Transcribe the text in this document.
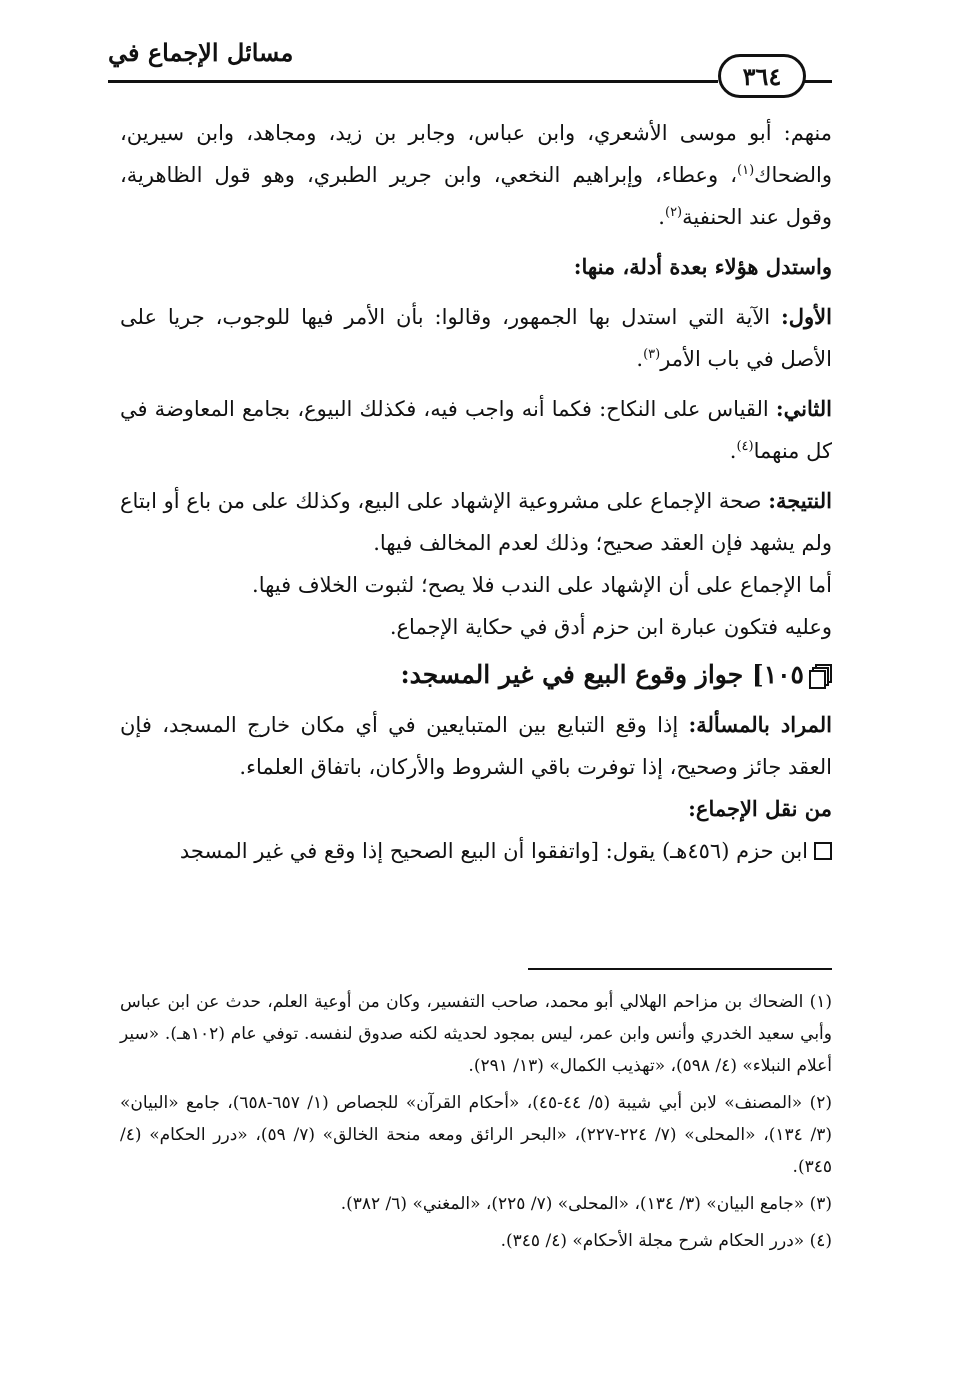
مسائل الإجماع في
٣٦٤

منهم: أبو موسى الأشعري، وابن عباس، وجابر بن زيد، ومجاهد، وابن سيرين، والضحاك$^{(١)}$، وعطاء، وإبراهيم النخعي، وابن جرير الطبري، وهو قول الظاهرية، وقول عند الحنفية$^{(٢)}$.

واستدل هؤلاء بعدة أدلة، منها:

الأول: الآية التي استدل بها الجمهور، وقالوا: بأن الأمر فيها للوجوب، جريا على الأصل في باب الأمر$^{(٣)}$.

الثاني: القياس على النكاح: فكما أنه واجب فيه، فكذلك البيوع، بجامع المعاوضة في كل منهما$^{(٤)}$.

النتيجة: صحة الإجماع على مشروعية الإشهاد على البيع، وكذلك على من باع أو ابتاع ولم يشهد فإن العقد صحيح؛ وذلك لعدم المخالف فيها.

أما الإجماع على أن الإشهاد على الندب فلا يصح؛ لثبوت الخلاف فيها.

وعليه فتكون عبارة ابن حزم أدق في حكاية الإجماع.

١٠٥] جواز وقوع البيع في غير المسجد:

المراد بالمسألة: إذا وقع التبايع بين المتبايعين في أي مكان خارج المسجد، فإن العقد جائز وصحيح، إذا توفرت باقي الشروط والأركان، باتفاق العلماء.

من نقل الإجماع:

ابن حزم (٤٥٦هـ) يقول: [واتفقوا أن البيع الصحيح إذا وقع في غير المسجد

(١) الضحاك بن مزاحم الهلالي أبو محمد، صاحب التفسير، وكان من أوعية العلم، حدث عن ابن عباس وأبي سعيد الخدري وأنس وابن عمر، ليس بمجود لحديثه لكنه صدوق لنفسه. توفي عام (١٠٢هـ). «سير أعلام النبلاء» (٤/ ٥٩٨)، «تهذيب الكمال» (١٣/ ٢٩١).

(٢) «المصنف» لابن أبي شيبة (٥/ ٤٤-٤٥)، «أحكام القرآن» للجصاص (١/ ٦٥٧-٦٥٨)، جامع «البيان» (٣/ ١٣٤)، «المحلى» (٧/ ٢٢٤-٢٢٧)، «البحر الرائق ومعه منحة الخالق» (٧/ ٥٩)، «درر الحكام» (٤/ ٣٤٥).

(٣) «جامع البيان» (٣/ ١٣٤)، «المحلى» (٧/ ٢٢٥)، «المغني» (٦/ ٣٨٢).

(٤) «درر الحكام شرح مجلة الأحكام» (٤/ ٣٤٥).
